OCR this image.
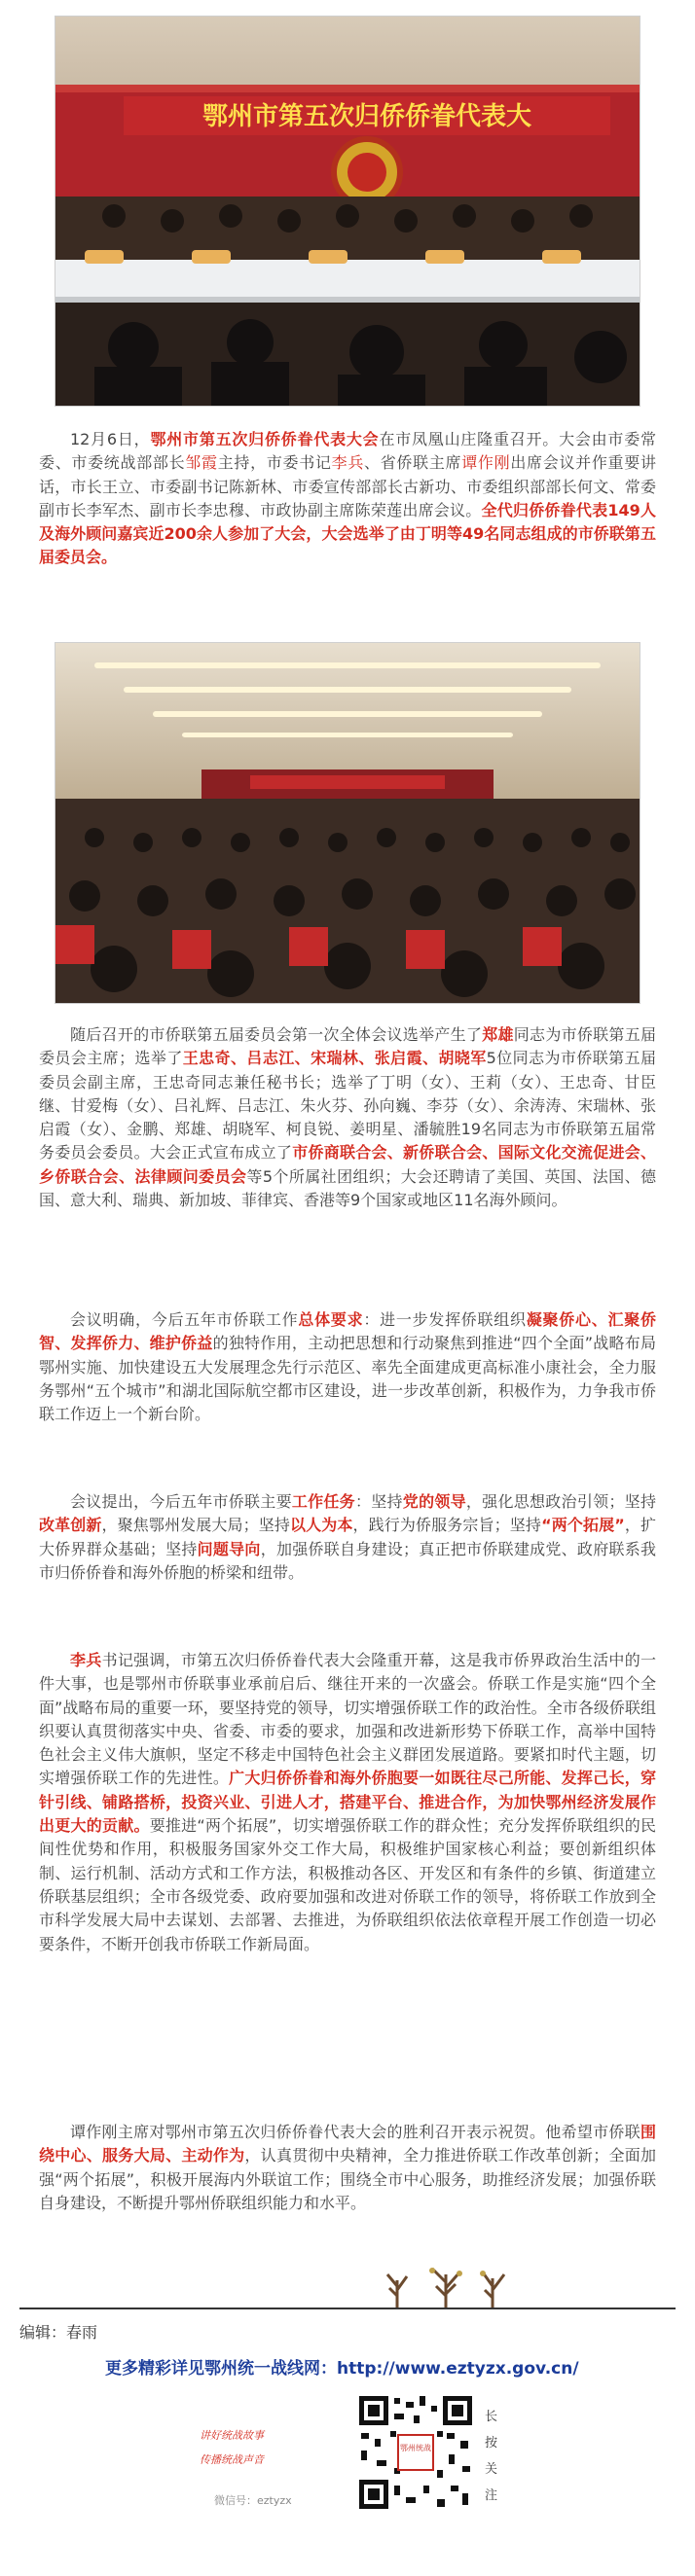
鄂州市第五次归侨侨眷代表大

12月6日，鄂州市第五次归侨侨眷代表大会在市凤凰山庄隆重召开。大会由市委常委、市委统战部部长邹霞主持，市委书记李兵、省侨联主席谭作刚出席会议并作重要讲话，市长王立、市委副书记陈新林、市委宣传部部长古新功、市委组织部部长何文、常委副市长李军杰、副市长李忠穆、市政协副主席陈荣莲出席会议。全代归侨侨眷代表149人及海外顾问嘉宾近200余人参加了大会，大会选举了由丁明等49名同志组成的市侨联第五届委员会。

随后召开的市侨联第五届委员会第一次全体会议选举产生了郑雄同志为市侨联第五届委员会主席；选举了王忠奇、吕志江、宋瑞林、张启霞、胡晓军5位同志为市侨联第五届委员会副主席，王忠奇同志兼任秘书长；选举了丁明（女）、王莉（女）、王忠奇、甘臣继、甘爱梅（女）、吕礼辉、吕志江、朱火芬、孙向巍、李芬（女）、余涛涛、宋瑞林、张启霞（女）、金鹏、郑雄、胡晓军、柯良锐、姜明星、潘毓胜19名同志为市侨联第五届常务委员会委员。大会正式宣布成立了市侨商联合会、新侨联合会、国际文化交流促进会、乡侨联合会、法律顾问委员会等5个所属社团组织；大会还聘请了美国、英国、法国、德国、意大利、瑞典、新加坡、菲律宾、香港等9个国家或地区11名海外顾问。

会议明确，今后五年市侨联工作总体要求：进一步发挥侨联组织凝聚侨心、汇聚侨智、发挥侨力、维护侨益的独特作用，主动把思想和行动聚焦到推进“四个全面”战略布局鄂州实施、加快建设五大发展理念先行示范区、率先全面建成更高标准小康社会，全力服务鄂州“五个城市”和湖北国际航空都市区建设，进一步改革创新，积极作为，力争我市侨联工作迈上一个新台阶。

会议提出，今后五年市侨联主要工作任务：坚持党的领导，强化思想政治引领；坚持改革创新，聚焦鄂州发展大局；坚持以人为本，践行为侨服务宗旨；坚持“两个拓展”，扩大侨界群众基础；坚持问题导向，加强侨联自身建设；真正把市侨联建成党、政府联系我市归侨侨眷和海外侨胞的桥梁和纽带。

李兵书记强调，市第五次归侨侨眷代表大会隆重开幕，这是我市侨界政治生活中的一件大事，也是鄂州市侨联事业承前启后、继往开来的一次盛会。侨联工作是实施“四个全面”战略布局的重要一环，要坚持党的领导，切实增强侨联工作的政治性。全市各级侨联组织要认真贯彻落实中央、省委、市委的要求，加强和改进新形势下侨联工作，高举中国特色社会主义伟大旗帜，坚定不移走中国特色社会主义群团发展道路。要紧扣时代主题，切实增强侨联工作的先进性。广大归侨侨眷和海外侨胞要一如既往尽己所能、发挥己长，穿针引线、铺路搭桥，投资兴业、引进人才，搭建平台、推进合作，为加快鄂州经济发展作出更大的贡献。要推进“两个拓展”，切实增强侨联工作的群众性；充分发挥侨联组织的民间性优势和作用，积极服务国家外交工作大局，积极维护国家核心利益；要创新组织体制、运行机制、活动方式和工作方法，积极推动各区、开发区和有条件的乡镇、街道建立侨联基层组织；全市各级党委、政府要加强和改进对侨联工作的领导，将侨联工作放到全市科学发展大局中去谋划、去部署、去推进，为侨联组织依法依章程开展工作创造一切必要条件，不断开创我市侨联工作新局面。

谭作刚主席对鄂州市第五次归侨侨眷代表大会的胜利召开表示祝贺。他希望市侨联围绕中心、服务大局、主动作为，认真贯彻中央精神，全力推进侨联工作改革创新；全面加强“两个拓展”，积极开展海内外联谊工作；围绕全市中心服务，助推经济发展；加强侨联自身建设，不断提升鄂州侨联组织能力和水平。

编辑：春雨
更多精彩详见鄂州统一战线网：http://www.eztyzx.gov.cn/
讲好统战故事
传播统战声音
微信号：eztyzx
鄂州统战
长
按
关
注
